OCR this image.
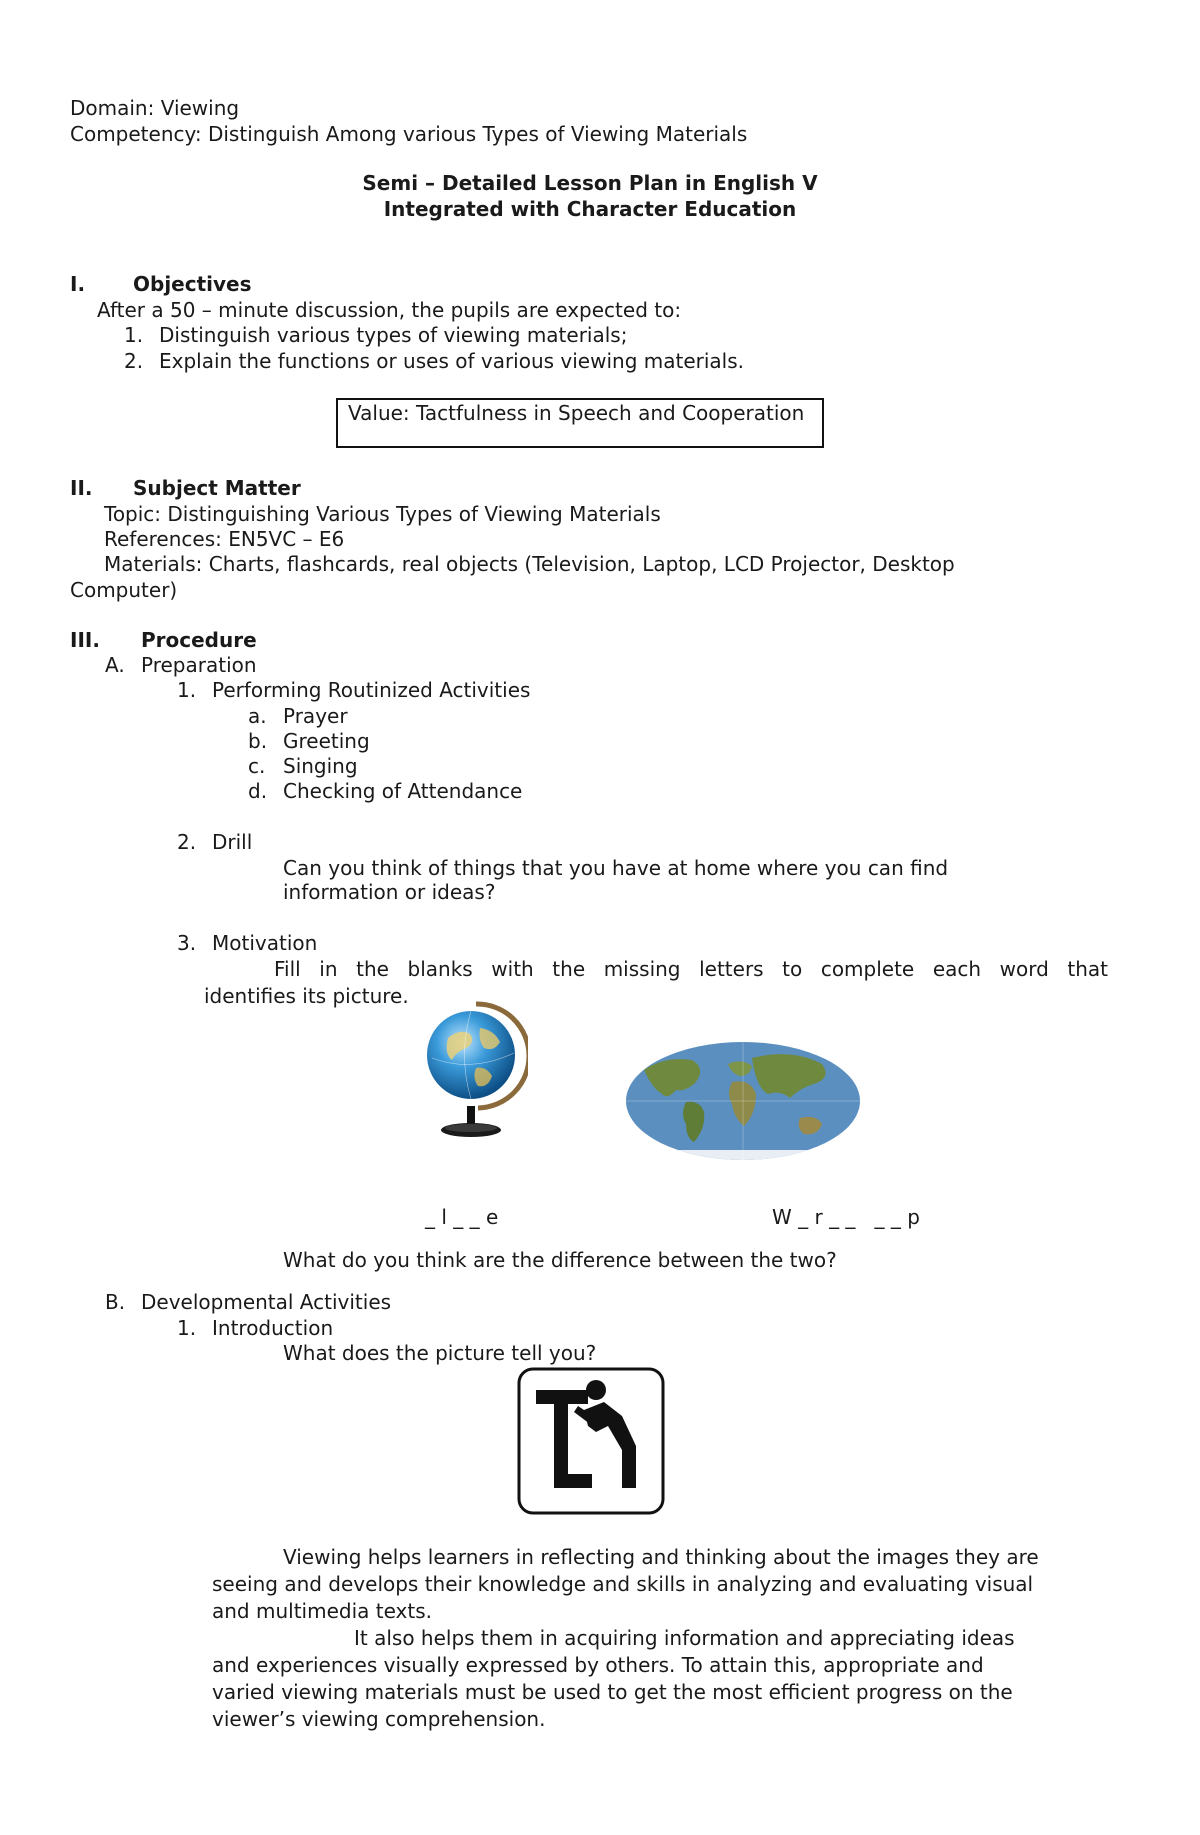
Domain: Viewing
Competency: Distinguish Among various Types of Viewing Materials
Semi – Detailed Lesson Plan in English V
Integrated with Character Education
I. Objectives
After a 50 – minute discussion, the pupils are expected to:
1. Distinguish various types of viewing materials;
2. Explain the functions or uses of various viewing materials.
Value: Tactfulness in Speech and Cooperation
II. Subject Matter
Topic: Distinguishing Various Types of Viewing Materials
References: EN5VC – E6
Materials: Charts, flashcards, real objects (Television, Laptop, LCD Projector, Desktop
Computer)
III. Procedure
A. Preparation
1. Performing Routinized Activities
a. Prayer
b. Greeting
c. Singing
d. Checking of Attendance
2. Drill
Can you think of things that you have at home where you can find
information or ideas?
3. Motivation
Fill in the blanks with the missing letters to complete each word that
identifies its picture.
_ l _ _ e	W _ r _ _   _ _ p
What do you think are the difference between the two?
B. Developmental Activities
1. Introduction
What does the picture tell you?
Viewing helps learners in reflecting and thinking about the images they are
seeing and develops their knowledge and skills in analyzing and evaluating visual
and multimedia texts.
It also helps them in acquiring information and appreciating ideas
and experiences visually expressed by others. To attain this, appropriate and
varied viewing materials must be used to get the most efficient progress on the
viewer’s viewing comprehension.
